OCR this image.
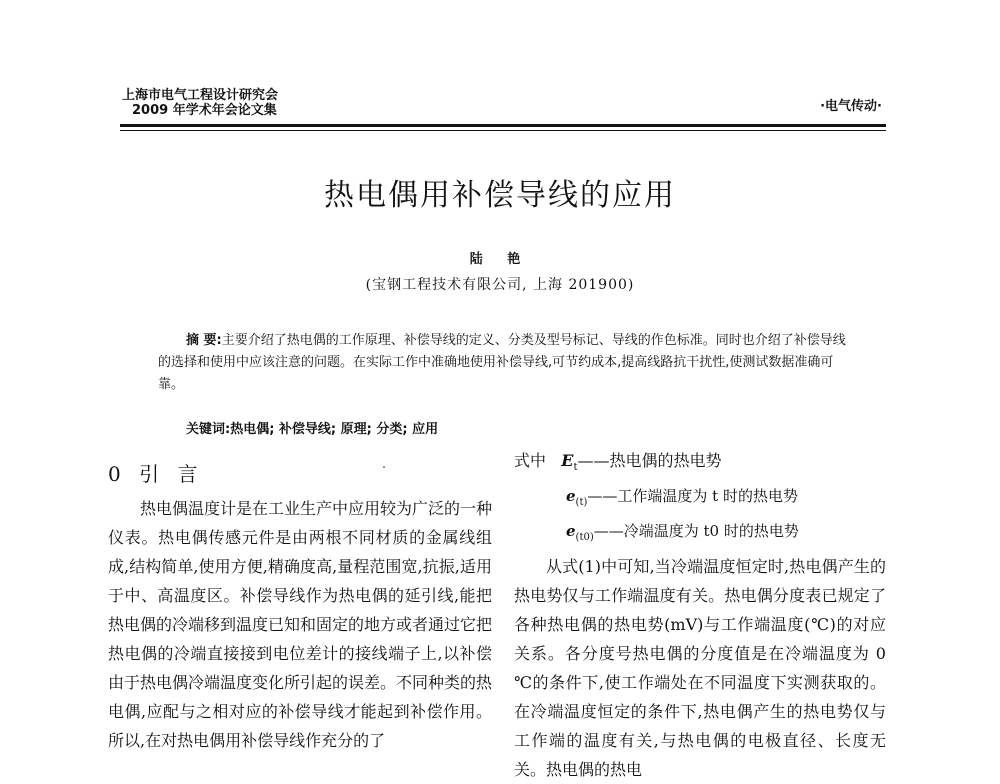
上海市电气工程设计研究会
2009 年学术年会论文集	·电气传动·
热电偶用补偿导线的应用
陆 艳
(宝钢工程技术有限公司, 上海 201900)

摘 要:主要介绍了热电偶的工作原理、补偿导线的定义、分类及型号标记、导线的作色标准。同时也介绍了补偿导线的选择和使用中应该注意的问题。在实际工作中准确地使用补偿导线,可节约成本,提高线路抗干扰性,使测试数据准确可靠。

关键词:热电偶; 补偿导线; 原理; 分类; 应用
0 引 言

热电偶温度计是在工业生产中应用较为广泛的一种仪表。热电偶传感元件是由两根不同材质的金属线组成,结构简单,使用方便,精确度高,量程范围宽,抗振,适用于中、高温度区。补偿导线作为热电偶的延引线,能把热电偶的冷端移到温度已知和固定的地方或者通过它把热电偶的冷端直接接到电位差计的接线端子上,以补偿由于热电偶冷端温度变化所引起的误差。不同种类的热电偶,应配与之相对应的补偿导线才能起到补偿作用。所以,在对热电偶用补偿导线作充分的了

式中 $E_t——$热电偶的热电势
$e_{(t)}——$工作端温度为 t 时的热电势
$e_{(t0)}——$冷端温度为 t0 时的热电势

从式(1)中可知,当冷端温度恒定时,热电偶产生的热电势仅与工作端温度有关。热电偶分度表已规定了各种热电偶的热电势(mV)与工作端温度(℃)的对应关系。各分度号热电偶的分度值是在冷端温度为 0 ℃的条件下,使工作端处在不同温度下实测获取的。在冷端温度恒定的条件下,热电偶产生的热电势仅与工作端的温度有关,与热电偶的电极直径、长度无关。热电偶的热电
